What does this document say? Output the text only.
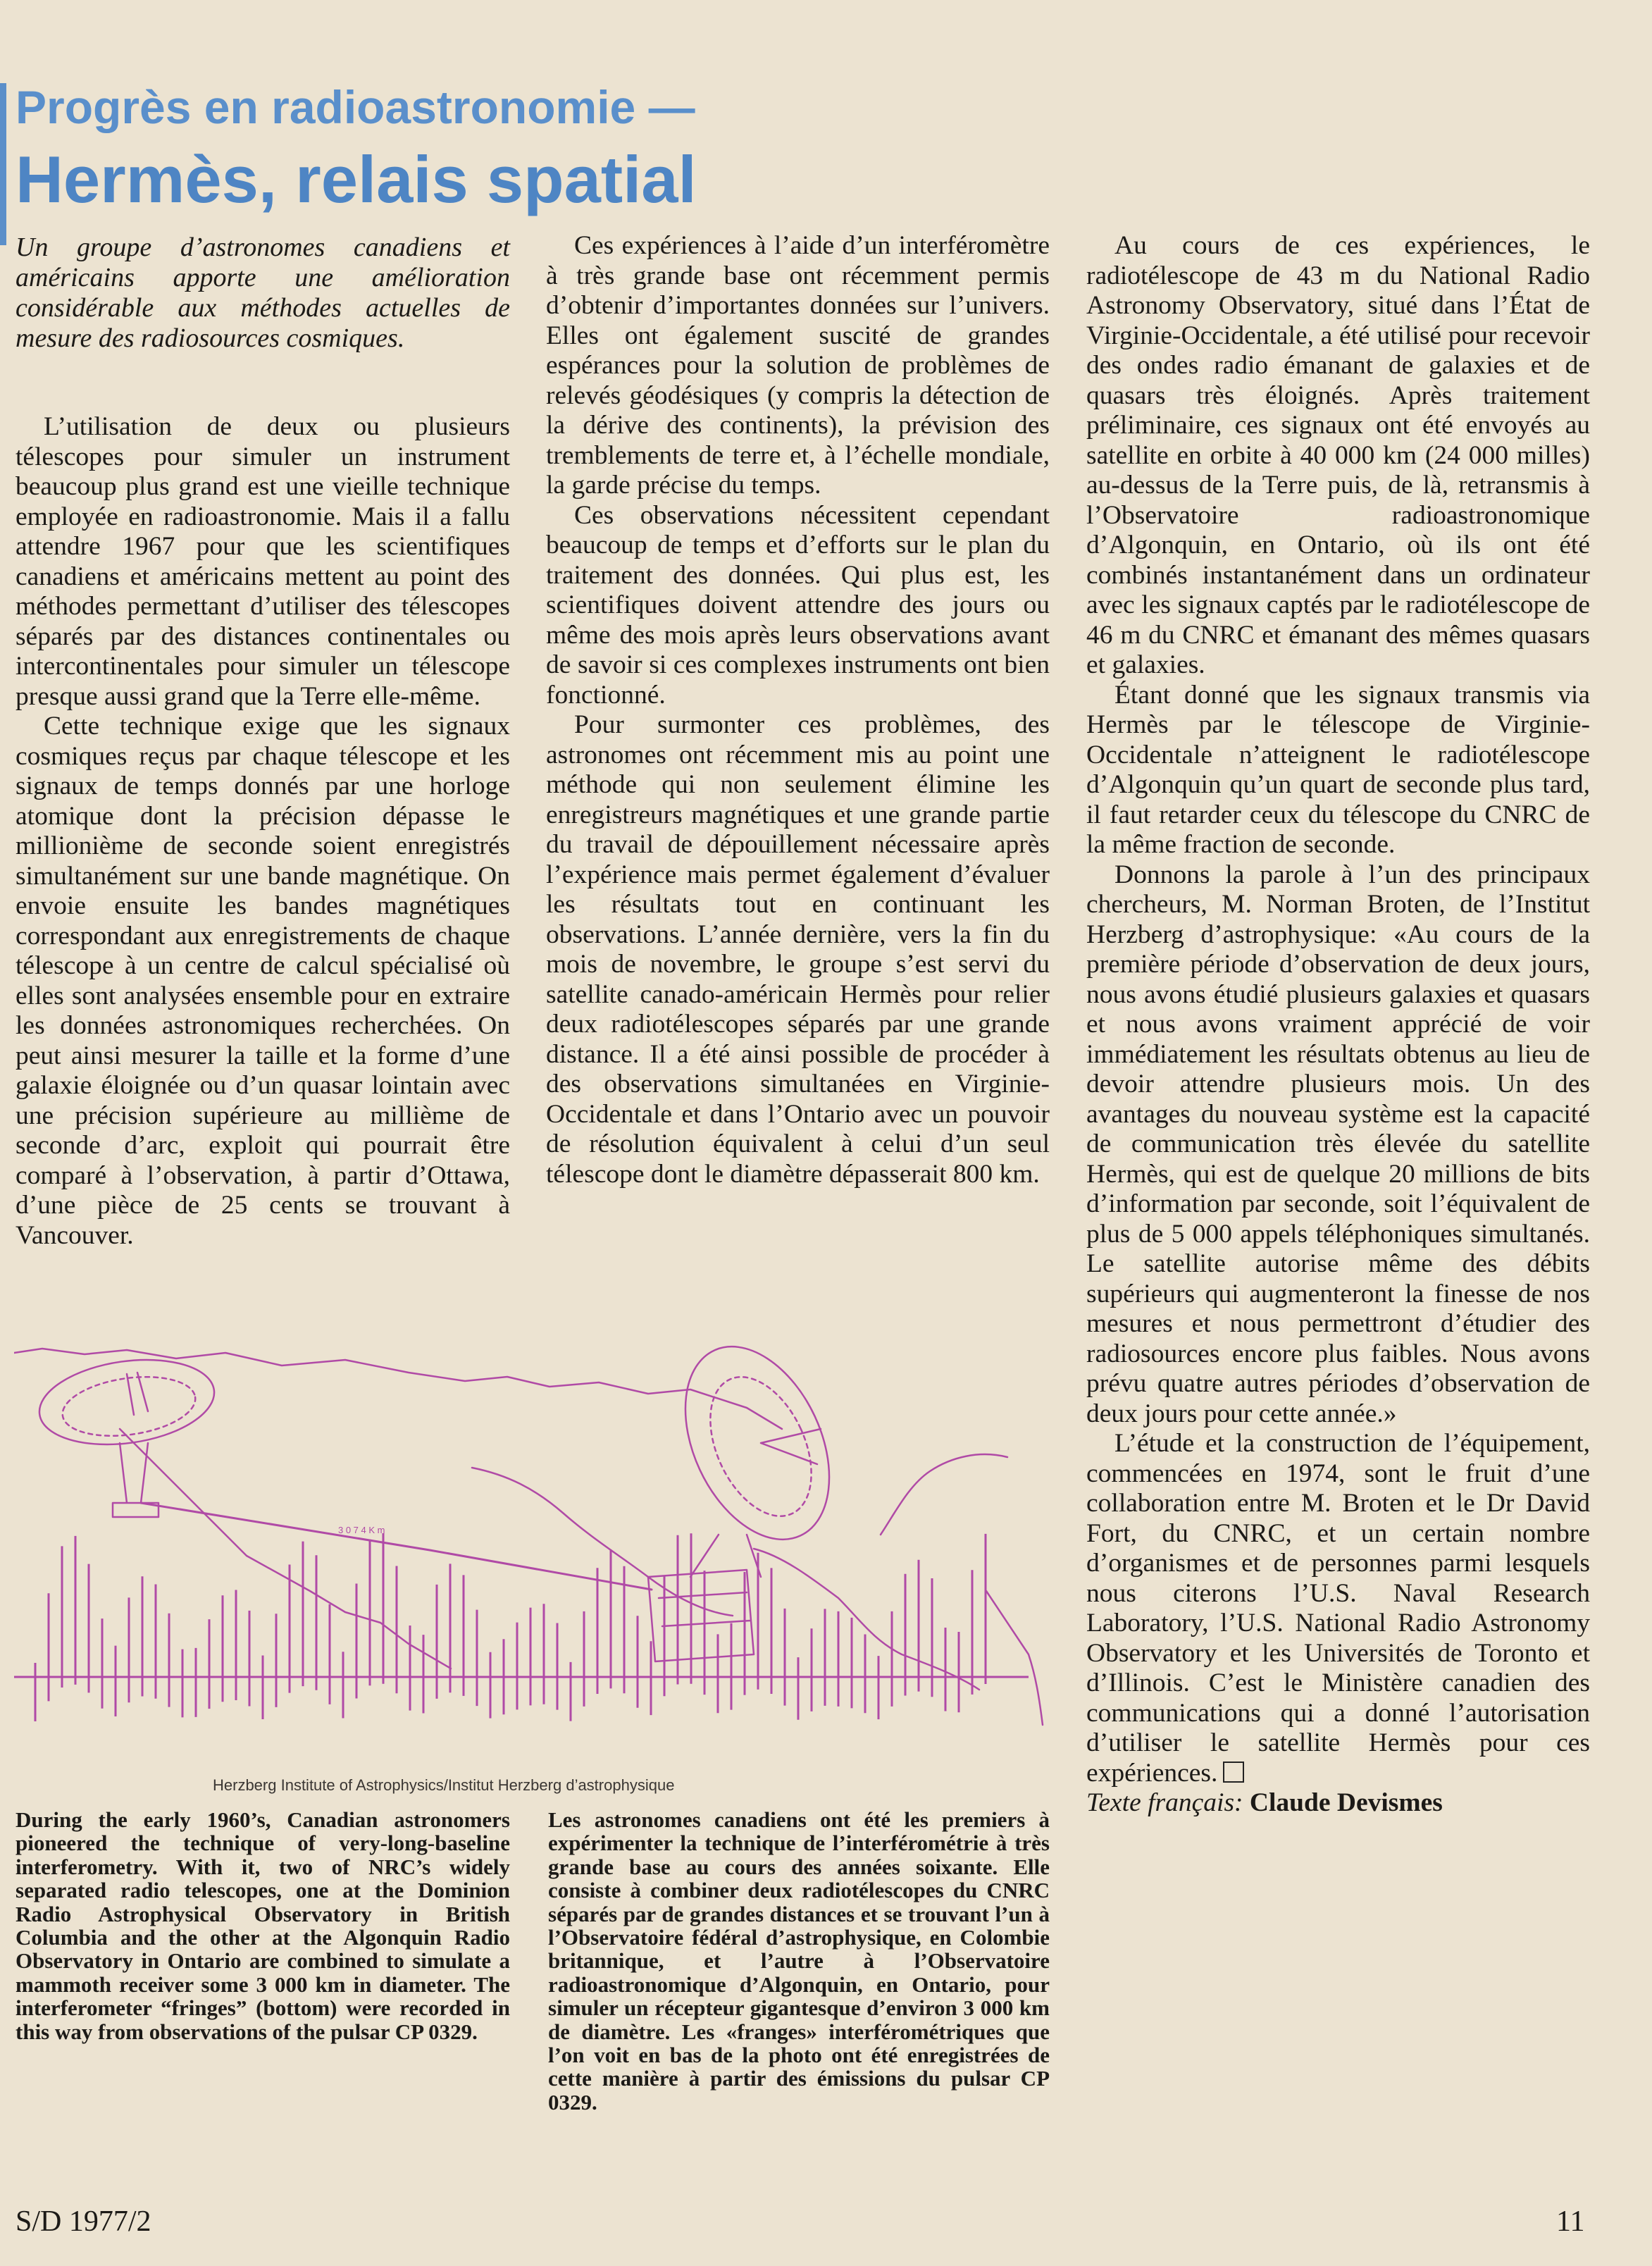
Progrès en radioastronomie —
Hermès, relais spatial
Un groupe d’astronomes canadiens et américains apporte une amélioration considérable aux méthodes actuelles de mesure des radiosources cosmiques.

L’utilisation de deux ou plusieurs télescopes pour simuler un instrument beaucoup plus grand est une vieille technique employée en radioastronomie. Mais il a fallu attendre 1967 pour que les scientifiques canadiens et américains mettent au point des méthodes permettant d’utiliser des télescopes séparés par des distances continentales ou intercontinentales pour simuler un télescope presque aussi grand que la Terre elle-même.

Cette technique exige que les signaux cosmiques reçus par chaque télescope et les signaux de temps donnés par une horloge atomique dont la précision dépasse le millionième de seconde soient enregistrés simultanément sur une bande magnétique. On envoie ensuite les bandes magnétiques correspondant aux enregistrements de chaque télescope à un centre de calcul spécialisé où elles sont analysées ensemble pour en extraire les données astronomiques recherchées. On peut ainsi mesurer la taille et la forme d’une galaxie éloignée ou d’un quasar lointain avec une précision supérieure au millième de seconde d’arc, exploit qui pourrait être comparé à l’observation, à partir d’Ottawa, d’une pièce de 25 cents se trouvant à Vancouver.

Ces expériences à l’aide d’un interféromètre à très grande base ont récemment permis d’obtenir d’importantes données sur l’univers. Elles ont également suscité de grandes espérances pour la solution de problèmes de relevés géodésiques (y compris la détection de la dérive des continents), la prévision des tremblements de terre et, à l’échelle mondiale, la garde précise du temps.

Ces observations nécessitent cependant beaucoup de temps et d’efforts sur le plan du traitement des données. Qui plus est, les scientifiques doivent attendre des jours ou même des mois après leurs observations avant de savoir si ces complexes instruments ont bien fonctionné.

Pour surmonter ces problèmes, des astronomes ont récemment mis au point une méthode qui non seulement élimine les enregistreurs magnétiques et une grande partie du travail de dépouillement nécessaire après l’expérience mais permet également d’évaluer les résultats tout en continuant les observations. L’année dernière, vers la fin du mois de novembre, le groupe s’est servi du satellite canado-américain Hermès pour relier deux radiotélescopes séparés par une grande distance. Il a été ainsi possible de procéder à des observations simultanées en Virginie-Occidentale et dans l’Ontario avec un pouvoir de résolution équivalent à celui d’un seul télescope dont le diamètre dépasserait 800 km.

Au cours de ces expériences, le radiotélescope de 43 m du National Radio Astronomy Observatory, situé dans l’État de Virginie-Occidentale, a été utilisé pour recevoir des ondes radio émanant de galaxies et de quasars très éloignés. Après traitement préliminaire, ces signaux ont été envoyés au satellite en orbite à 40 000 km (24 000 milles) au-dessus de la Terre puis, de là, retransmis à l’Observatoire radioastronomique d’Algonquin, en Ontario, où ils ont été combinés instantanément dans un ordinateur avec les signaux captés par le radiotélescope de 46 m du CNRC et émanant des mêmes quasars et galaxies.

Étant donné que les signaux transmis via Hermès par le télescope de Virginie-Occidentale n’atteignent le radiotélescope d’Algonquin qu’un quart de seconde plus tard, il faut retarder ceux du télescope du CNRC de la même fraction de seconde.

Donnons la parole à l’un des principaux chercheurs, M. Norman Broten, de l’Institut Herzberg d’astrophysique: «Au cours de la première période d’observation de deux jours, nous avons étudié plusieurs galaxies et quasars et nous avons vraiment apprécié de voir immédiatement les résultats obtenus au lieu de devoir attendre plusieurs mois. Un des avantages du nouveau système est la capacité de communication très élevée du satellite Hermès, qui est de quelque 20 millions de bits d’information par seconde, soit l’équivalent de plus de 5 000 appels téléphoniques simultanés. Le satellite autorise même des débits supérieurs qui augmenteront la finesse de nos mesures et nous permettront d’étudier des radiosources encore plus faibles. Nous avons prévu quatre autres périodes d’observation de deux jours pour cette année.»

L’étude et la construction de l’équipement, commencées en 1974, sont le fruit d’une collaboration entre M. Broten et le Dr David Fort, du CNRC, et un certain nombre d’organismes et de personnes parmi lesquels nous citerons l’U.S. Naval Research Laboratory, l’U.S. National Radio Astronomy Observatory et les Universités de Toronto et d’Illinois. C’est le Ministère canadien des communications qui a donné l’autorisation d’utiliser le satellite Hermès pour ces expériences.

Texte français: Claude Devismes

3 0 7 4 K m
Herzberg Institute of Astrophysics/Institut Herzberg d’astrophysique
During the early 1960’s, Canadian astronomers pioneered the technique of very-long-baseline interferometry. With it, two of NRC’s widely separated radio telescopes, one at the Dominion Radio Astrophysical Observatory in British Columbia and the other at the Algonquin Radio Observatory in Ontario are combined to simulate a mammoth receiver some 3 000 km in diameter. The interferometer “fringes” (bottom) were recorded in this way from observations of the pulsar CP 0329.
Les astronomes canadiens ont été les premiers à expérimenter la technique de l’interférométrie à très grande base au cours des années soixante. Elle consiste à combiner deux radiotélescopes du CNRC séparés par de grandes distances et se trouvant l’un à l’Observatoire fédéral d’astrophysique, en Colombie britannique, et l’autre à l’Observatoire radioastronomique d’Algonquin, en Ontario, pour simuler un récepteur gigantesque d’environ 3 000 km de diamètre. Les «franges» interférométriques que l’on voit en bas de la photo ont été enregistrées de cette manière à partir des émissions du pulsar CP 0329.
S/D 1977/2	11
